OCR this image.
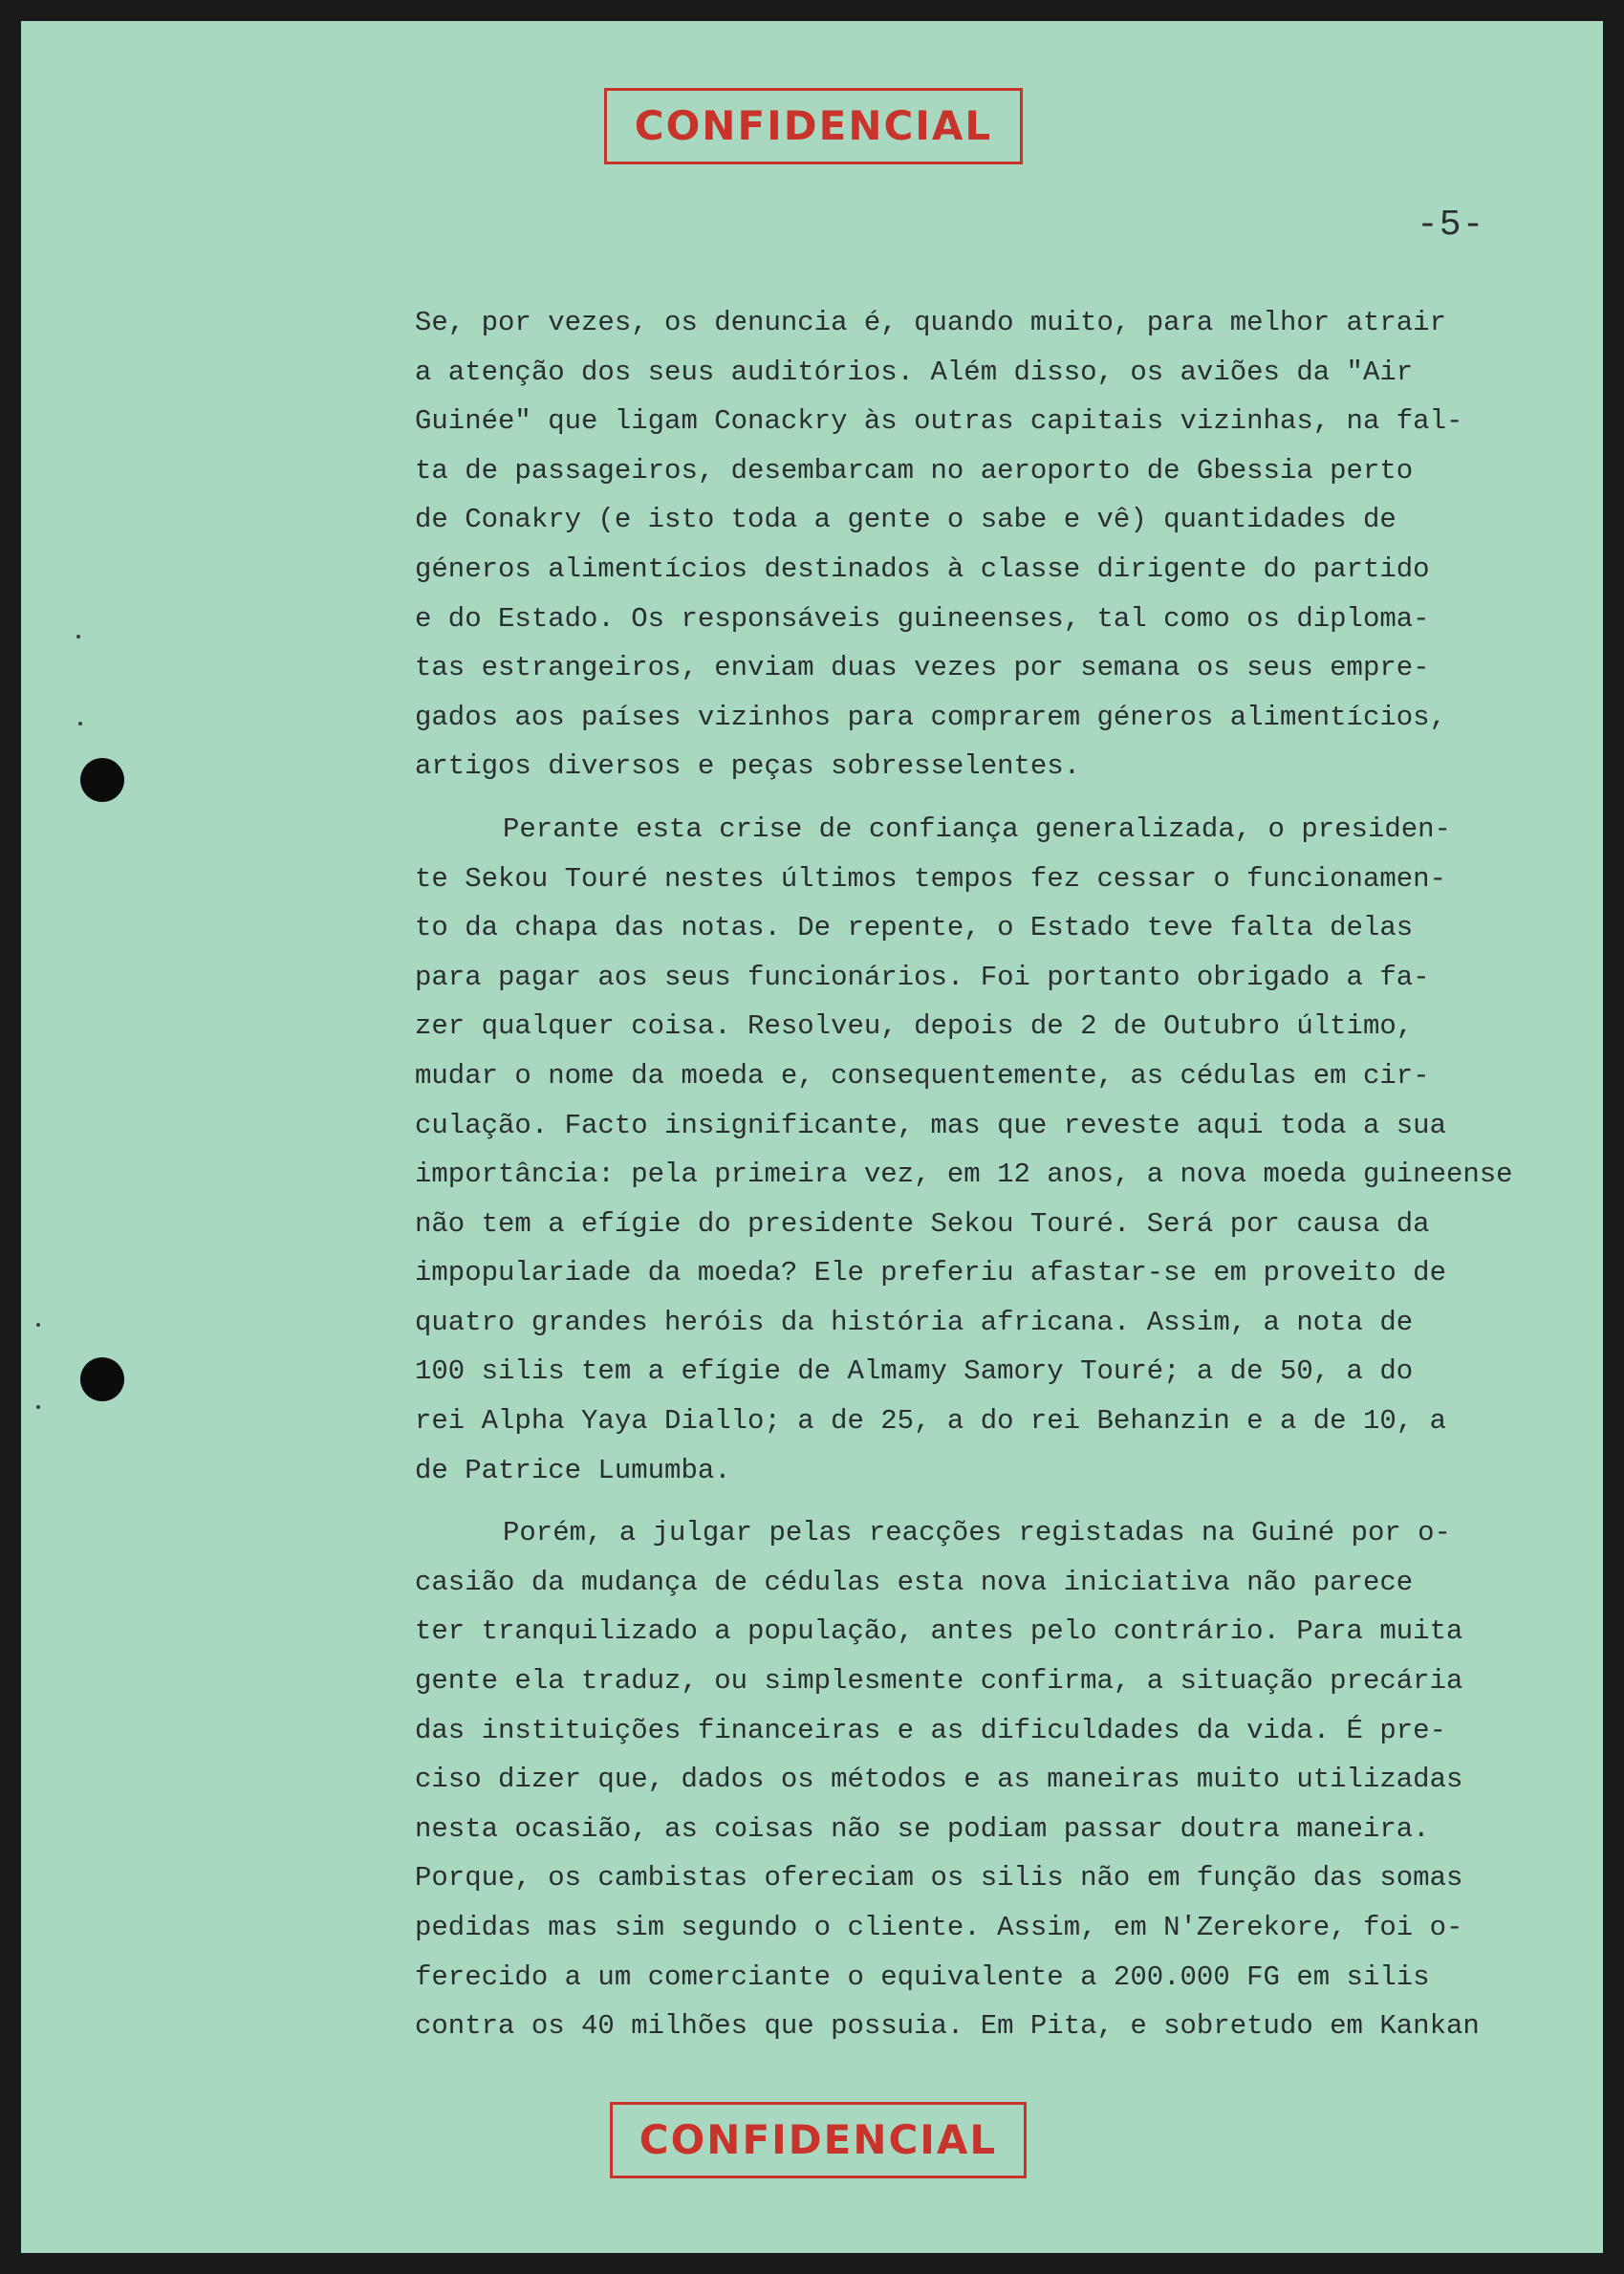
CONFIDENCIAL
-5-
Se, por vezes, os denuncia é, quando muito, para melhor atrair
a atenção dos seus auditórios. Além disso, os aviões da "Air
Guinée" que ligam Conackry às outras capitais vizinhas, na fal-
ta de passageiros, desembarcam no aeroporto de Gbessia perto
de Conakry (e isto toda a gente o sabe e vê) quantidades de
géneros alimentícios destinados à classe dirigente do partido
e do Estado. Os responsáveis guineenses, tal como os diploma-
tas estrangeiros, enviam duas vezes por semana os seus empre-
gados aos países vizinhos para comprarem géneros alimentícios,
artigos diversos e peças sobresselentes.
Perante esta crise de confiança generalizada, o presiden-
te Sekou Touré nestes últimos tempos fez cessar o funcionamen-
to da chapa das notas. De repente, o Estado teve falta delas
para pagar aos seus funcionários. Foi portanto obrigado a fa-
zer qualquer coisa. Resolveu, depois de 2 de Outubro último,
mudar o nome da moeda e, consequentemente, as cédulas em cir-
culação. Facto insignificante, mas que reveste aqui toda a sua
importância: pela primeira vez, em 12 anos, a nova moeda guineense
não tem a efígie do presidente Sekou Touré. Será por causa da
impopulariade da moeda? Ele preferiu afastar-se em proveito de
quatro grandes heróis da história africana. Assim, a nota de
100 silis tem a efígie de Almamy Samory Touré; a de 50, a do
rei Alpha Yaya Diallo; a de 25, a do rei Behanzin e a de 10, a
de Patrice Lumumba.
Porém, a julgar pelas reacções registadas na Guiné por o-
casião da mudança de cédulas esta nova iniciativa não parece
ter tranquilizado a população, antes pelo contrário. Para muita
gente ela traduz, ou simplesmente confirma, a situação precária
das instituições financeiras e as dificuldades da vida. É pre-
ciso dizer que, dados os métodos e as maneiras muito utilizadas
nesta ocasião, as coisas não se podiam passar doutra maneira.
Porque, os cambistas ofereciam os silis não em função das somas
pedidas mas sim segundo o cliente. Assim, em N'Zerekore, foi o-
ferecido a um comerciante o equivalente a 200.000 FG em silis
contra os 40 milhões que possuia. Em Pita, e sobretudo em Kankan
CONFIDENCIAL
